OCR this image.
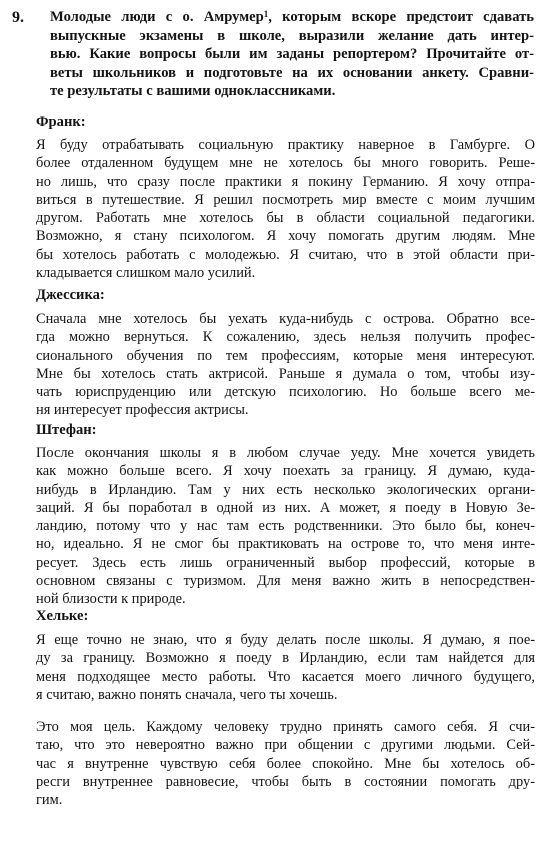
9. Молодые люди с о. Амрумер$^1$, которым вскоре предстоит сдавать
выпускные экзамены в школе, выразили желание дать интер-
вью. Какие вопросы были им заданы репортером? Прочитайте от-
веты школьников и подготовьте на их основании анкету. Сравни-
те результаты с вашими одноклассниками.
Франк:
Я буду отрабатывать социальную практику наверное в Гамбурге. О
более отдаленном будущем мне не хотелось бы много говорить. Реше-
но лишь, что сразу после практики я покину Германию. Я хочу отпра-
виться в путешествие. Я решил посмотреть мир вместе с моим лучшим
другом. Работать мне хотелось бы в области социальной педагогики.
Возможно, я стану психологом. Я хочу помогать другим людям. Мне
бы хотелось работать с молодежью. Я считаю, что в этой области при-
кладывается слишком мало усилий.
Джессика:
Сначала мне хотелось бы уехать куда-нибудь с острова. Обратно все-
гда можно вернуться. К сожалению, здесь нельзя получить профес-
сионального обучения по тем профессиям, которые меня интересуют.
Мне бы хотелось стать актрисой. Раньше я думала о том, чтобы изу-
чать юриспруденцию или детскую психологию. Но больше всего ме-
ня интересует профессия актрисы.
Штефан:
После окончания школы я в любом случае уеду. Мне хочется увидеть
как можно больше всего. Я хочу поехать за границу. Я думаю, куда-
нибудь в Ирландию. Там у них есть несколько экологических органи-
заций. Я бы поработал в одной из них. А может, я поеду в Новую Зе-
ландию, потому что у нас там есть родственники. Это было бы, конеч-
но, идеально. Я не смог бы практиковать на острове то, что меня инте-
ресует. Здесь есть лишь ограниченный выбор профессий, которые в
основном связаны с туризмом. Для меня важно жить в непосредствен-
ной близости к природе.
Хельке:
Я еще точно не знаю, что я буду делать после школы. Я думаю, я пое-
ду за границу. Возможно я поеду в Ирландию, если там найдется для
меня подходящее место работы. Что касается моего личного будущего,
я считаю, важно понять сначала, чего ты хочешь.
Это моя цель. Каждому человеку трудно принять самого себя. Я счи-
таю, что это невероятно важно при общении с другими людьми. Сей-
час я внутренне чувствую себя более спокойно. Мне бы хотелось об-
ресги внутреннее равновесие, чтобы быть в состоянии помогать дру-
гим.
